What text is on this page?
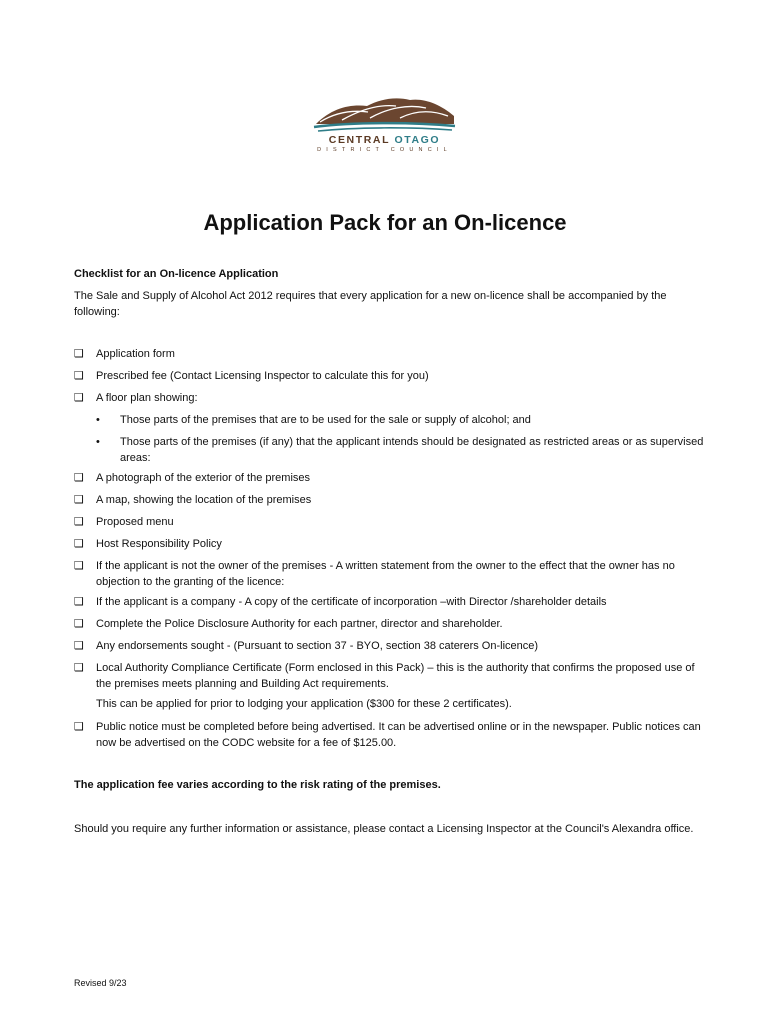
CENTRAL OTAGO
DISTRICT COUNCIL
Application Pack for an On-licence

Checklist for an On-licence Application

The Sale and Supply of Alcohol Act 2012 requires that every application for a new on-licence shall be accompanied by the following:

❑	Application form

❑	Prescribed fee (Contact Licensing Inspector to calculate this for you)

❑	A floor plan showing:

•	Those parts of the premises that are to be used for the sale or supply of alcohol; and
•	Those parts of the premises (if any) that the applicant intends should be designated as restricted areas or as supervised areas:
❑	A photograph of the exterior of the premises

❑	A map, showing the location of the premises

❑	Proposed menu

❑	Host Responsibility Policy

❑	If the applicant is not the owner of the premises - A written statement from the owner to the effect that the owner has no objection to the granting of the licence:

❑	If the applicant is a company - A copy of the certificate of incorporation –with Director /shareholder details

❑	Complete the Police Disclosure Authority for each partner, director and shareholder.

❑	Any endorsements sought - (Pursuant to section 37 - BYO, section 38 caterers On-licence)

❑	Local Authority Compliance Certificate (Form enclosed in this Pack) – this is the authority that confirms the proposed use of the premises meets planning and Building Act requirements.

This can be applied for prior to lodging your application ($300 for these 2 certificates).

❑	Public notice must be completed before being advertised. It can be advertised online or in the newspaper. Public notices can now be advertised on the CODC website for a fee of $125.00.

The application fee varies according to the risk rating of the premises.

Should you require any further information or assistance, please contact a Licensing Inspector at the Council's Alexandra office.

Revised 9/23
